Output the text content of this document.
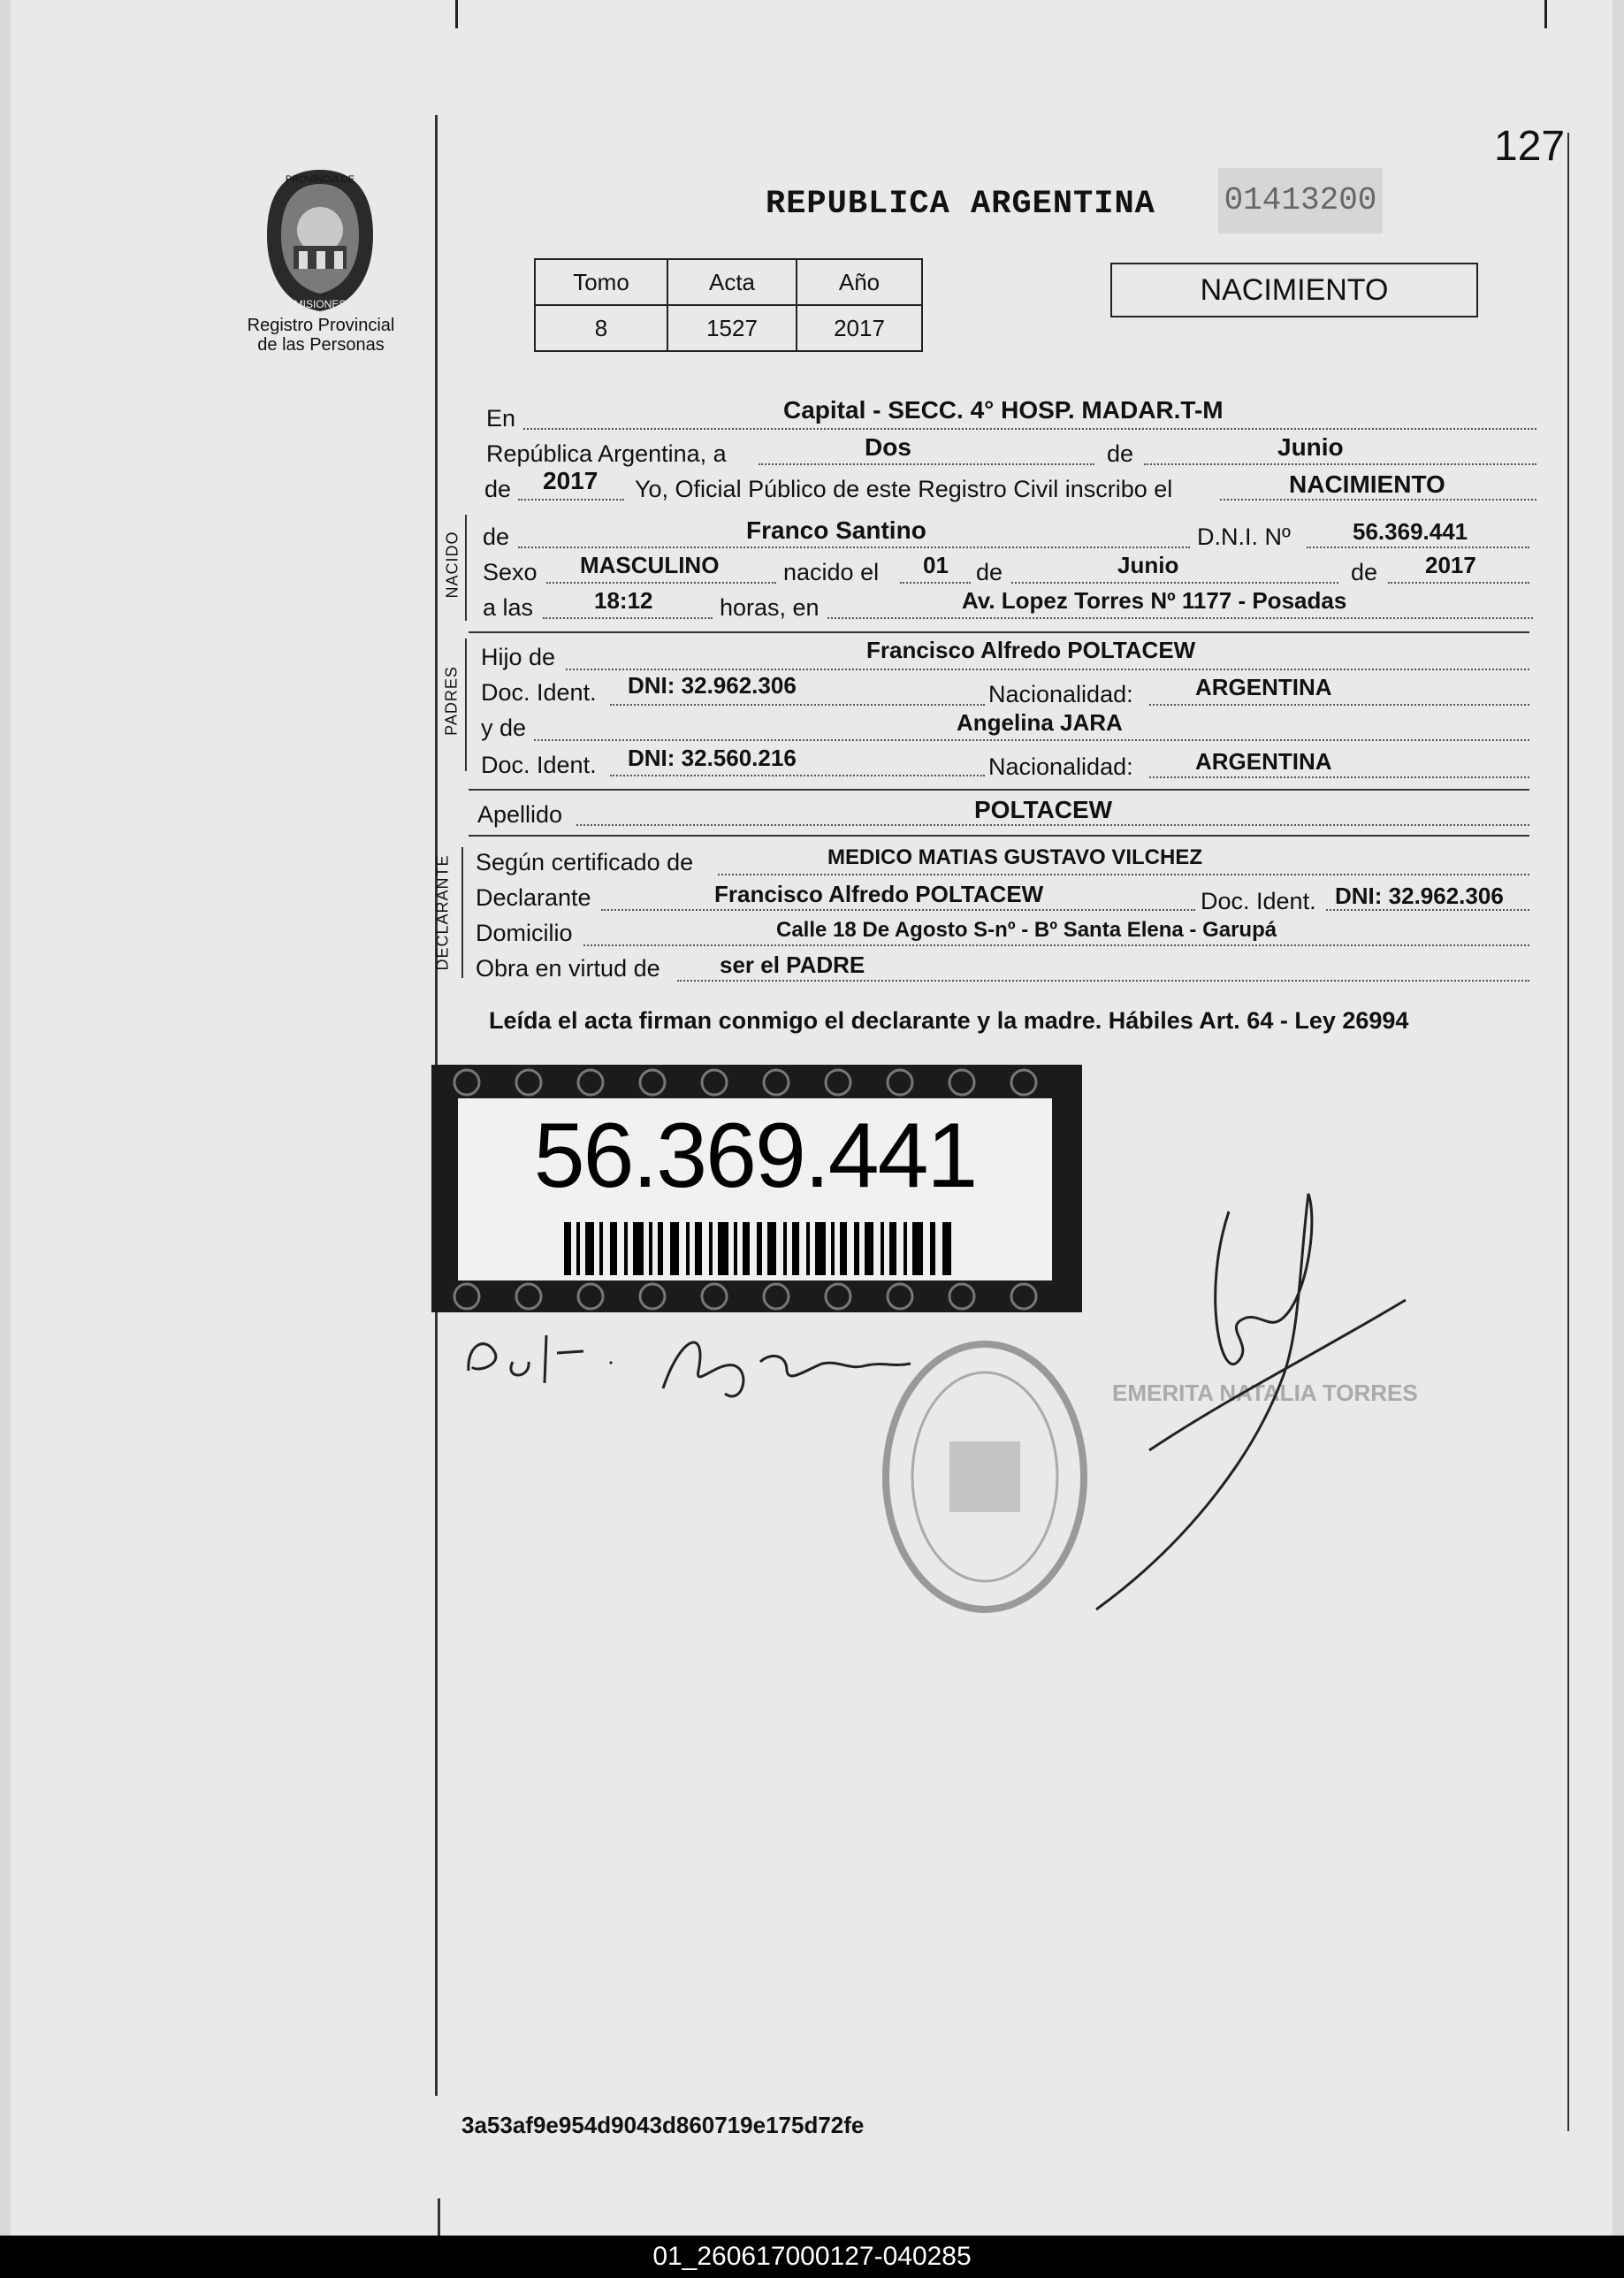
127
PROVINCIA DE
MISIONES
Registro Provincial
de las Personas
REPUBLICA ARGENTINA 01413200
Tomo	Acta	Año
8	1527	2017
NACIMIENTO
En	Capital - SECC. 4° HOSP. MADAR.T-M
República Argentina, a	Dos	de	Junio
de 2017 Yo, Oficial Público de este Registro Civil inscribo el	NACIMIENTO
NACIDO de	Franco Santino	D.N.I. Nº	56.369.441
Sexo MASCULINO	nacido el 01 de	Junio	de 2017
a las	18:12	horas, en	Av. Lopez Torres Nº 1177 - Posadas
PADRES
Hijo de	Francisco Alfredo POLTACEW
Doc. Ident. DNI: 32.962.306	Nacionalidad:	ARGENTINA
y de	Angelina JARA
Doc. Ident. DNI: 32.560.216	Nacionalidad:	ARGENTINA
Apellido	POLTACEW
DECLARANTE Según certificado de	MEDICO MATIAS GUSTAVO VILCHEZ
Declarante	Francisco Alfredo POLTACEW	Doc. Ident. DNI: 32.962.306
Domicilio	Calle 18 De Agosto S-nº - Bº Santa Elena - Garupá
Obra en virtud de	ser el PADRE
Leída el acta firman conmigo el declarante y la madre. Hábiles Art. 64 - Ley 26994
56.369.441
EMERITA NATALIA TORRES
3a53af9e954d9043d860719e175d72fe
01_260617000127-040285
